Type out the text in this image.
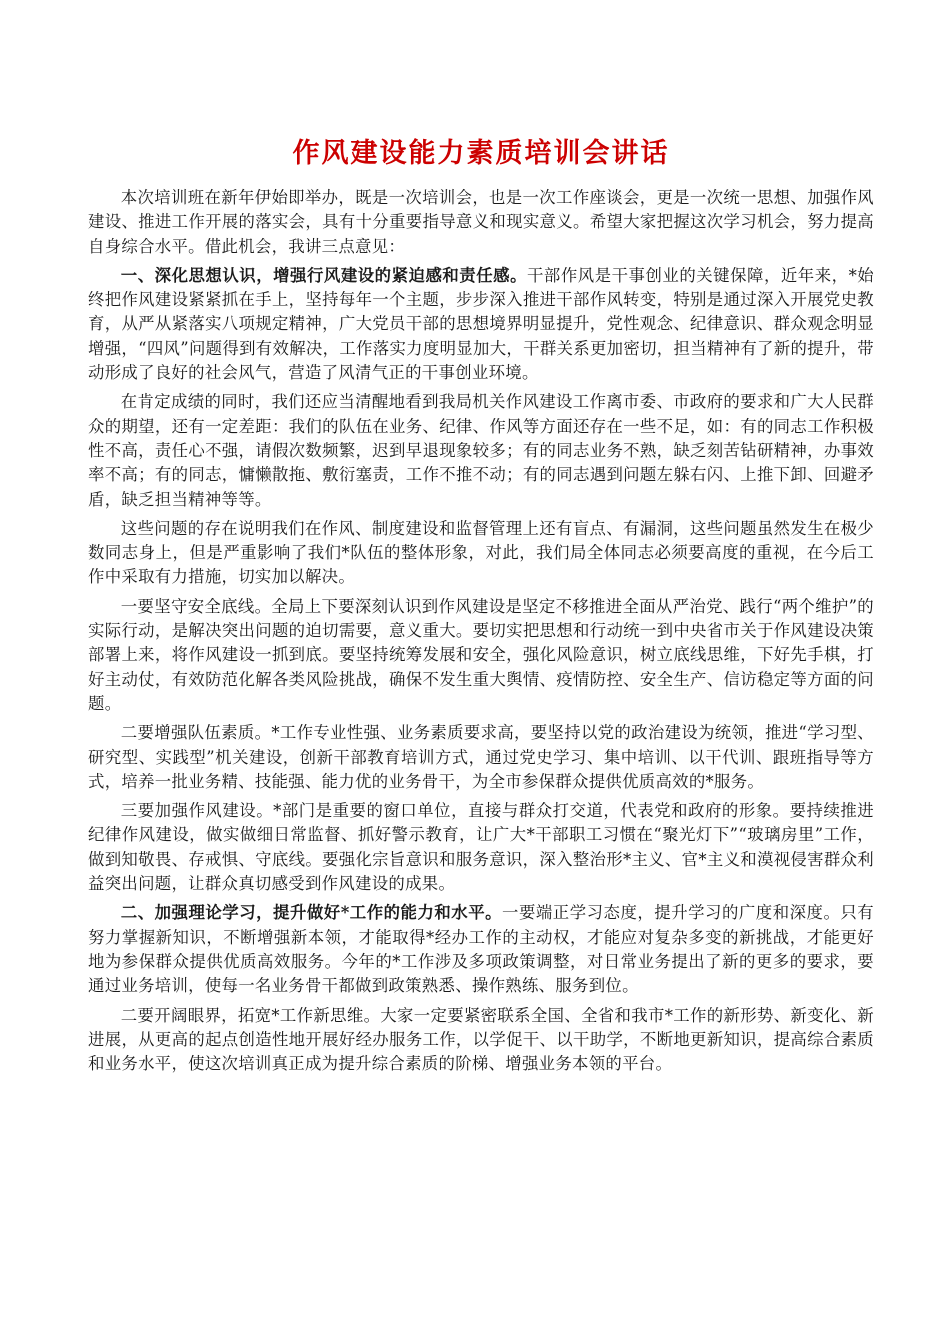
作风建设能力素质培训会讲话

本次培训班在新年伊始即举办，既是一次培训会，也是一次工作座谈会，更是一次统一思想、加强作风建设、推进工作开展的落实会，具有十分重要指导意义和现实意义。希望大家把握这次学习机会，努力提高自身综合水平。借此机会，我讲三点意见：

一、深化思想认识，增强行风建设的紧迫感和责任感。干部作风是干事创业的关键保障，近年来，*始终把作风建设紧紧抓在手上，坚持每年一个主题，步步深入推进干部作风转变，特别是通过深入开展党史教育，从严从紧落实八项规定精神，广大党员干部的思想境界明显提升，党性观念、纪律意识、群众观念明显增强，“四风”问题得到有效解决，工作落实力度明显加大，干群关系更加密切，担当精神有了新的提升，带动形成了良好的社会风气，营造了风清气正的干事创业环境。

在肯定成绩的同时，我们还应当清醒地看到我局机关作风建设工作离市委、市政府的要求和广大人民群众的期望，还有一定差距：我们的队伍在业务、纪律、作风等方面还存在一些不足，如：有的同志工作积极性不高，责任心不强，请假次数频繁，迟到早退现象较多；有的同志业务不熟，缺乏刻苦钻研精神，办事效率不高；有的同志，慵懒散拖、敷衍塞责，工作不推不动；有的同志遇到问题左躲右闪、上推下卸、回避矛盾，缺乏担当精神等等。

这些问题的存在说明我们在作风、制度建设和监督管理上还有盲点、有漏洞，这些问题虽然发生在极少数同志身上，但是严重影响了我们*队伍的整体形象，对此，我们局全体同志必须要高度的重视，在今后工作中采取有力措施，切实加以解决。

一要坚守安全底线。全局上下要深刻认识到作风建设是坚定不移推进全面从严治党、践行“两个维护”的实际行动，是解决突出问题的迫切需要，意义重大。要切实把思想和行动统一到中央省市关于作风建设决策部署上来，将作风建设一抓到底。要坚持统筹发展和安全，强化风险意识，树立底线思维，下好先手棋，打好主动仗，有效防范化解各类风险挑战，确保不发生重大舆情、疫情防控、安全生产、信访稳定等方面的问题。

二要增强队伍素质。*工作专业性强、业务素质要求高，要坚持以党的政治建设为统领，推进“学习型、研究型、实践型”机关建设，创新干部教育培训方式，通过党史学习、集中培训、以干代训、跟班指导等方式，培养一批业务精、技能强、能力优的业务骨干，为全市参保群众提供优质高效的*服务。

三要加强作风建设。*部门是重要的窗口单位，直接与群众打交道，代表党和政府的形象。要持续推进纪律作风建设，做实做细日常监督、抓好警示教育，让广大*干部职工习惯在“聚光灯下”“玻璃房里”工作，做到知敬畏、存戒惧、守底线。要强化宗旨意识和服务意识，深入整治形*主义、官*主义和漠视侵害群众利益突出问题，让群众真切感受到作风建设的成果。

二、加强理论学习，提升做好*工作的能力和水平。一要端正学习态度，提升学习的广度和深度。只有努力掌握新知识，不断增强新本领，才能取得*经办工作的主动权，才能应对复杂多变的新挑战，才能更好地为参保群众提供优质高效服务。今年的*工作涉及多项政策调整，对日常业务提出了新的更多的要求，要通过业务培训，使每一名业务骨干都做到政策熟悉、操作熟练、服务到位。

二要开阔眼界，拓宽*工作新思维。大家一定要紧密联系全国、全省和我市*工作的新形势、新变化、新进展，从更高的起点创造性地开展好经办服务工作，以学促干、以干助学，不断地更新知识，提高综合素质和业务水平，使这次培训真正成为提升综合素质的阶梯、增强业务本领的平台。
